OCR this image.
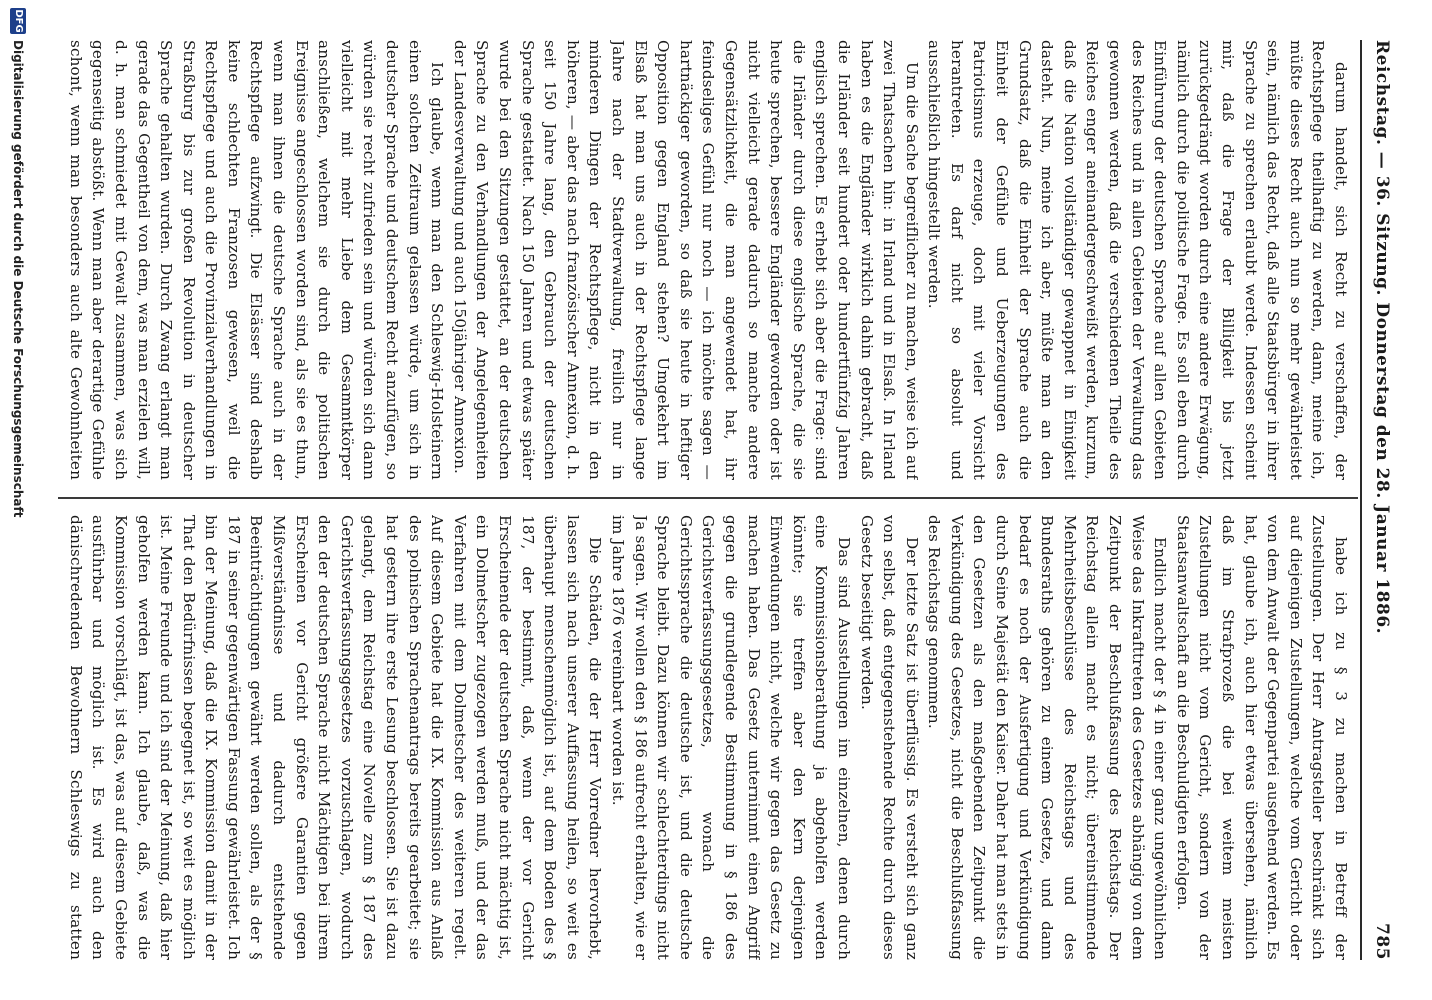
Reichstag. — 36. Sitzung. Donnerstag den 28. Januar 1886.
785

darum handelt, sich Recht zu verschaffen, der Rechtspflege theilhaftig zu werden, dann, meine ich, müßte dieses Recht auch nun so mehr gewährleistet sein, nämlich das Recht, daß alle Staatsbürger in ihrer Sprache zu sprechen erlaubt werde. Indessen scheint mir, daß die Frage der Billigkeit bis jetzt zurückgedrängt worden durch eine andere Erwägung, nämlich durch die politische Frage. Es soll eben durch Einführung der deutschen Sprache auf allen Gebieten des Reiches und in allen Gebieten der Verwaltung das gewonnen werden, daß die verschiedenen Theile des Reiches enger aneinandergeschweißt werden, kurzum, daß die Nation vollständiger gewappnet in Einigkeit dasteht. Nun, meine ich aber, müßte man an den Grundsatz, daß die Einheit der Sprache auch die Einheit der Gefühle und Ueberzeugungen des Patriotismus erzeuge, doch mit vieler Vorsicht herantreten. Es darf nicht so absolut und ausschließlich hingestellt werden.

Um die Sache begreiflicher zu machen, weise ich auf zwei Thatsachen hin: in Irland und in Elsaß. In Irland haben es die Engländer wirklich dahin gebracht, daß die Irländer seit hundert oder hundertfünfzig Jahren englisch sprechen. Es erhebt sich aber die Frage: sind die Irländer durch diese englische Sprache, die sie heute sprechen, bessere Engländer geworden oder ist nicht vielleicht gerade dadurch so manche andere Gegensätzlichkeit, die man angewendet hat, ihr feindseliges Gefühl nur noch — ich möchte sagen — hartnäckiger geworden, so daß sie heute in heftiger Opposition gegen England stehen? Umgekehrt im Elsaß hat man uns auch in der Rechtspflege lange Jahre nach der Stadtverwaltung, freilich nur in minderen Dingen der Rechtspflege, nicht in den höheren, — aber das nach französischer Annexion, d. h. seit 150 Jahre lang, den Gebrauch der deutschen Sprache gestattet. Nach 150 Jahren und etwas später wurde bei den Sitzungen gestattet, an der deutschen Sprache zu den Verhandlungen der Angelegenheiten der Landesverwaltung und auch 150jähriger Annexion.

Ich glaube, wenn man den Schleswig-Holsteinern einen solchen Zeitraum gelassen würde, um sich in deutscher Sprache und deutschem Recht anzufügen, so würden sie recht zufrieden sein und würden sich dann vielleicht mit mehr Liebe dem Gesammtkörper anschließen, welchem sie durch die politischen Ereignisse angeschlossen worden sind, als sie es thun, wenn man ihnen die deutsche Sprache auch in der Rechtspflege aufzwingt. Die Elsässer sind deshalb keine schlechten Franzosen gewesen, weil die Rechtspflege und auch die Provinzialverhandlungen in Straßburg bis zur großen Revolution in deutscher Sprache gehalten wurden. Durch Zwang erlangt man gerade das Gegentheil von dem, was man erzielen will, d. h. man schmiedet mit Gewalt zusammen, was sich gegenseitig abstößt. Wenn man aber derartige Gefühle schont, wenn man besonders auch alte Gewohnheiten

habe ich zu § 3 zu machen in Betreff der Zustellungen. Der Herr Antragsteller beschränkt sich auf diejenigen Zustellungen, welche vom Gericht oder von dem Anwalt der Gegenpartei ausgehend werden. Es hat, glaube ich, auch hier etwas übersehen, nämlich daß im Strafprozeß die bei weitem meisten Zustellungen nicht vom Gericht, sondern von der Staatsanwaltschaft an die Beschuldigten erfolgen.

Endlich macht der § 4 in einer ganz ungewöhnlichen Weise das Inkrafttreten des Gesetzes abhängig von dem Zeitpunkt der Beschlußfassung des Reichstags. Der Reichstag allein macht es nicht; übereinstimmende Mehrheitsbeschlüsse des Reichstags und des Bundesraths gehören zu einem Gesetze, und dann bedarf es noch der Ausfertigung und Verkündigung durch Seine Majestät den Kaiser. Daher hat man stets in den Gesetzen als den maßgebenden Zeitpunkt die Verkündigung des Gesetzes, nicht die Beschlußfassung des Reichstags genommen.

Der letzte Satz ist überflüssig. Es versteht sich ganz von selbst, daß entgegenstehende Rechte durch dieses Gesetz beseitigt werden.

Das sind Ausstellungen im einzelnen, denen durch eine Kommissionsberathung ja abgeholfen werden könnte; sie treffen aber den Kern derjenigen Einwendungen nicht, welche wir gegen das Gesetz zu machen haben. Das Gesetz unternimmt einen Angriff gegen die grundlegende Bestimmung in § 186 des Gerichtsverfassungsgesetzes, wonach die Gerichtssprache die deutsche ist, und die deutsche Sprache bleibt. Dazu können wir schlechterdings nicht Ja sagen. Wir wollen den § 186 aufrecht erhalten, wie er im Jahre 1876 vereinbart worden ist.

Die Schäden, die der Herr Vorredner hervorhebt, lassen sich nach unserer Auffassung heilen, so weit es überhaupt menschenmöglich ist, auf dem Boden des § 187, der bestimmt, daß, wenn der vor Gericht Erscheinende der deutschen Sprache nicht mächtig ist, ein Dolmetscher zugezogen werden muß, und der das Verfahren mit dem Dolmetscher des weiteren regelt. Auf diesem Gebiete hat die IX. Kommission aus Anlaß des polnischen Sprachenantrags bereits gearbeitet; sie hat gestern ihre erste Lesung beschlossen. Sie ist dazu gelangt, dem Reichstag eine Novelle zum § 187 des Gerichtsverfassungsgesetzes vorzuschlagen, wodurch den der deutschen Sprache nicht Mächtigen bei ihrem Erscheinen vor Gericht größere Garantien gegen Mißverständnisse und dadurch entstehende Beeinträchtigungen gewährt werden sollen, als der § 187 in seiner gegenwärtigen Fassung gewährleistet. Ich bin der Meinung, daß die IX. Kommission damit in der That den Bedürfnissen begegnet ist, so weit es möglich ist. Meine Freunde und ich sind der Meinung, daß hier geholfen werden kann. Ich glaube, daß, was die Kommission vorschlägt, ist das, was auf diesem Gebiete ausführbar und möglich ist. Es wird auch den dänischredenden Bewohnern Schleswigs zu statten

DFG
Digitalisierung gefördert durch die Deutsche Forschungsgemeinschaft
